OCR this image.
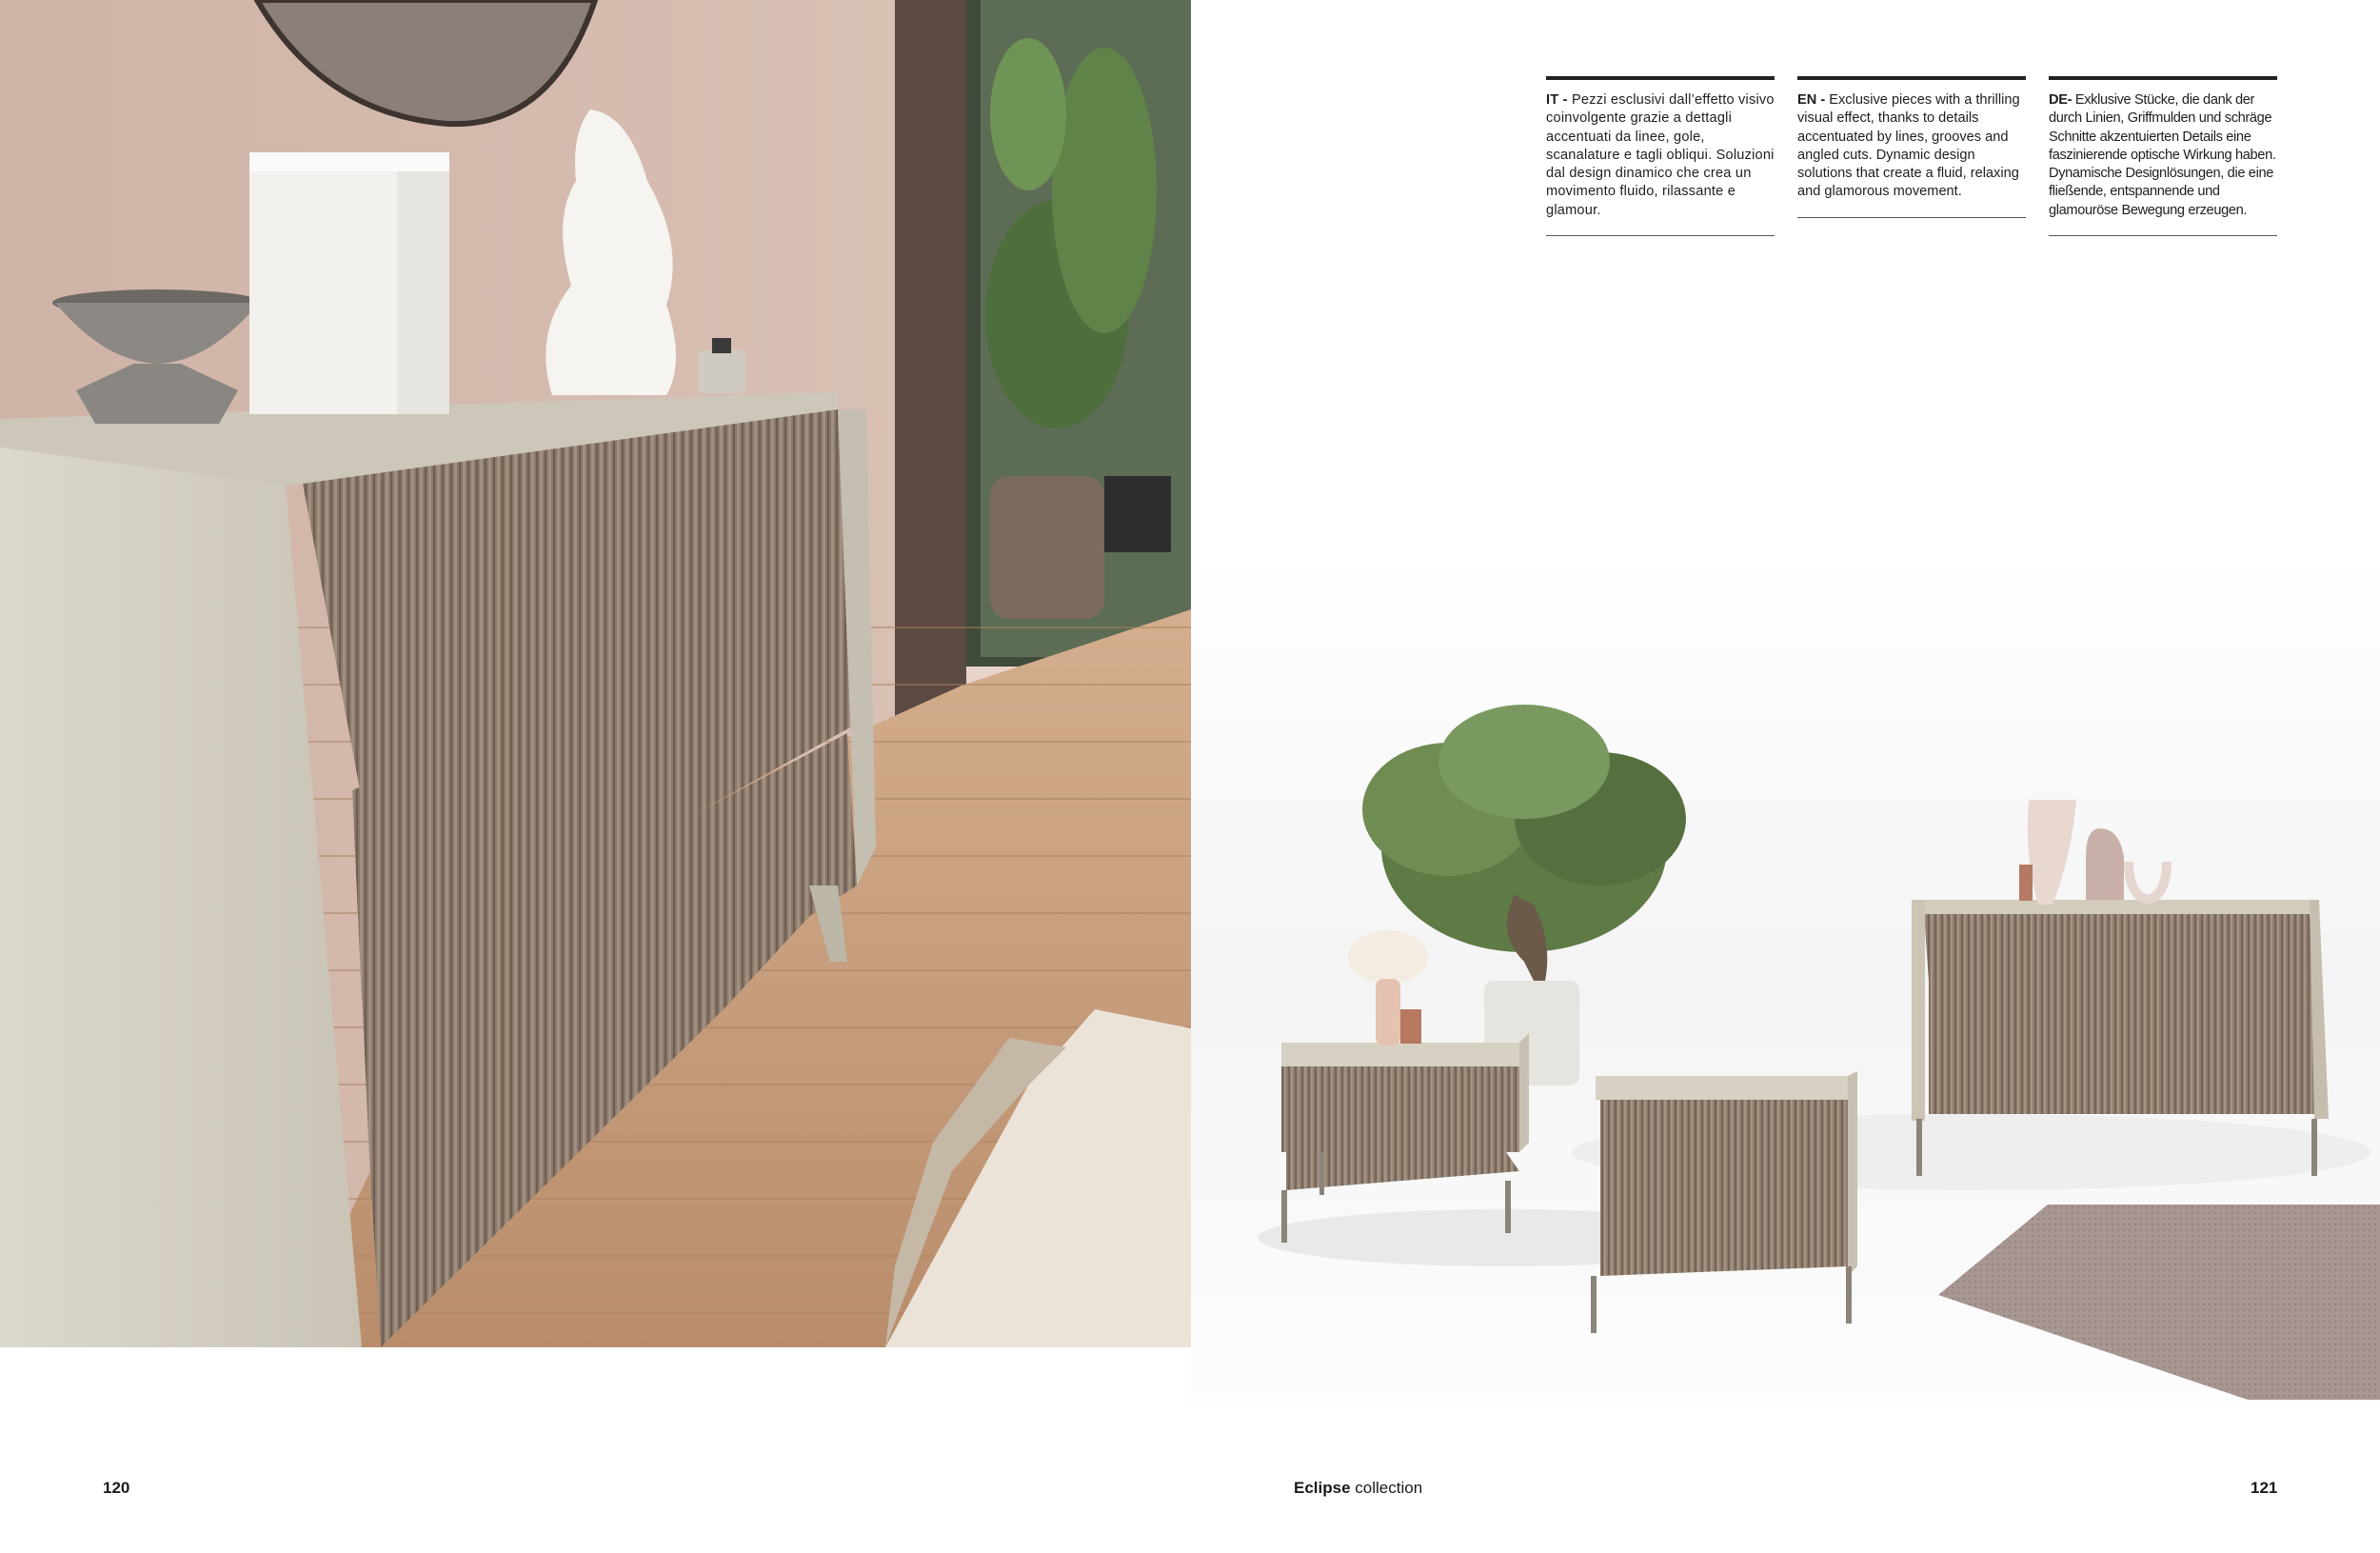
IT - Pezzi esclusivi dall’effetto visivo coinvolgente grazie a dettagli accentuati da linee, gole, scanalature e tagli obliqui. Soluzioni dal design dinamico che crea un movimento fluido, rilassante e glamour.
EN - Exclusive pieces with a thrilling visual effect, thanks to details accentuated by lines, grooves and angled cuts. Dynamic design solutions that create a fluid, relaxing and glamorous movement.
DE- Exklusive Stücke, die dank der durch Linien, Griffmulden und schräge Schnitte akzentuierten Details eine faszinierende optische Wirkung haben. Dynamische Designlösungen, die eine fließende, entspannende und glamouröse Bewegung erzeugen.
120	Eclipse collection	121
